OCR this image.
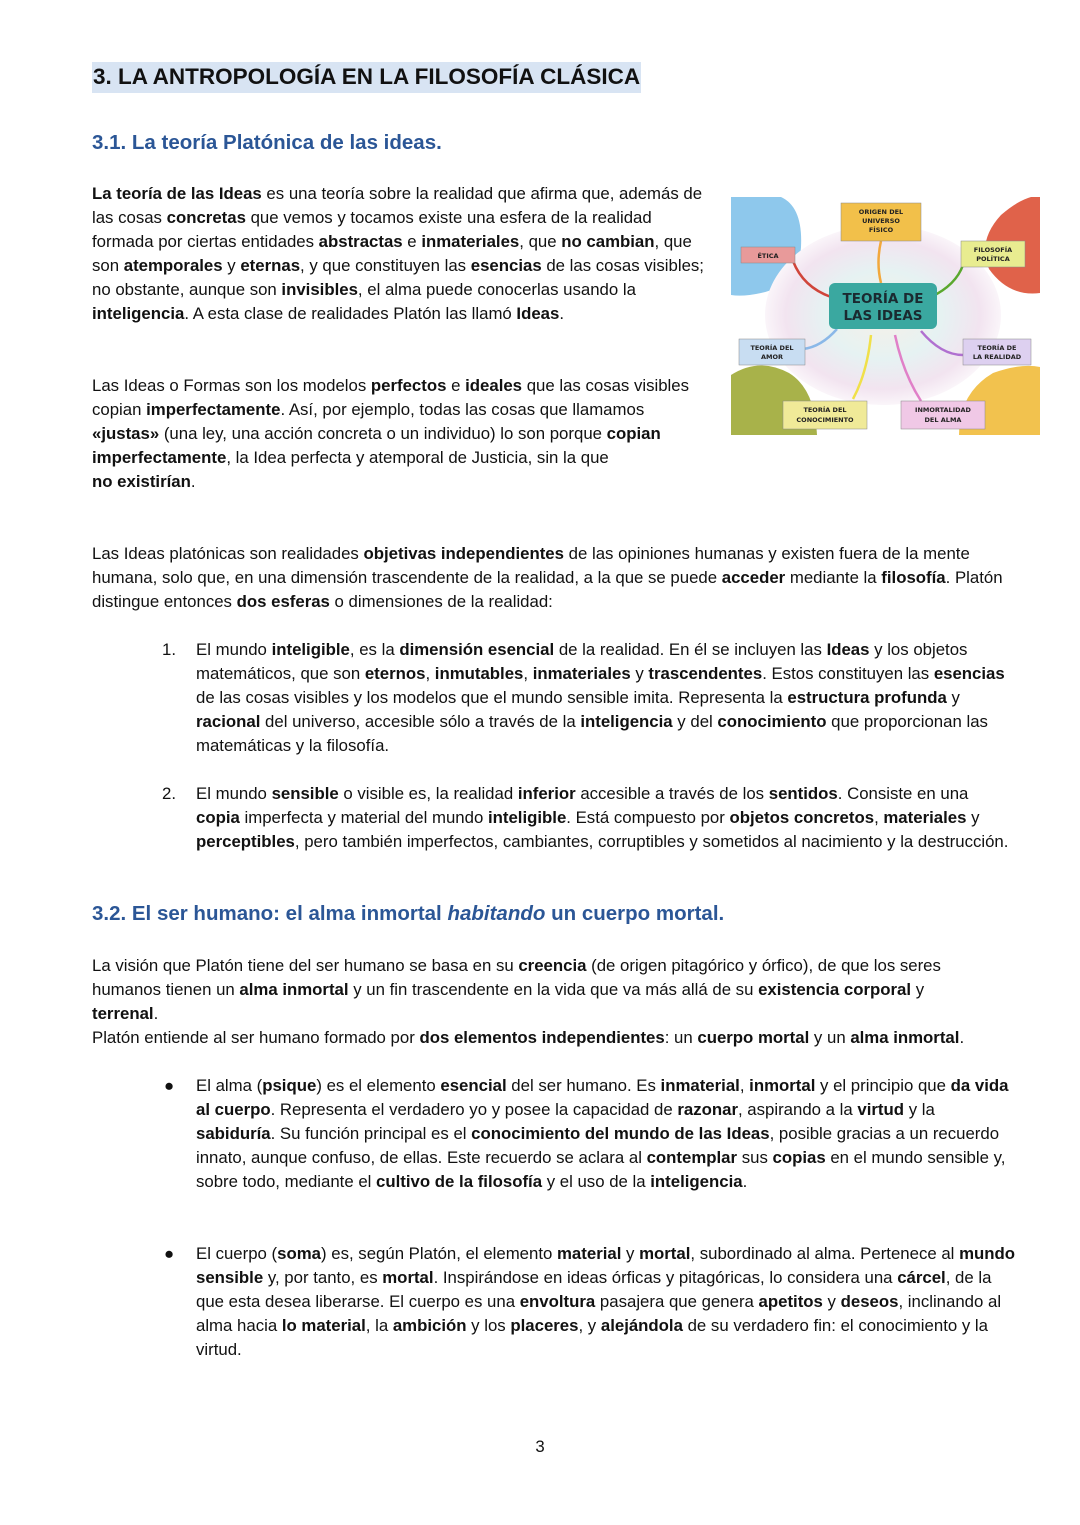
3. LA ANTROPOLOGÍA EN LA FILOSOFÍA CLÁSICA
3.1. La teoría Platónica de las ideas.

La teoría de las Ideas es una teoría sobre la realidad que afirma que, además de las cosas concretas que vemos y tocamos existe una esfera de la realidad formada por ciertas entidades abstractas e inmateriales, que no cambian, que son atemporales y eternas, y que constituyen las esencias de las cosas visibles; no obstante, aunque son invisibles, el alma puede conocerlas usando la inteligencia. A esta clase de realidades Platón las llamó Ideas.

Las Ideas o Formas son los modelos perfectos e ideales que las cosas visibles copian imperfectamente. Así, por ejemplo, todas las cosas que llamamos «justas» (una ley, una acción concreta o un individuo) lo son porque copian imperfectamente, la Idea perfecta y atemporal de Justicia, sin la que
no existirían.

Las Ideas platónicas son realidades objetivas independientes de las opiniones humanas y existen fuera de la mente humana, solo que, en una dimensión trascendente de la realidad, a la que se puede acceder mediante la filosofía. Platón distingue entonces dos esferas o dimensiones de la realidad:

1. El mundo inteligible, es la dimensión esencial de la realidad. En él se incluyen las Ideas y los objetos matemáticos, que son eternos, inmutables, inmateriales y trascendentes. Estos constituyen las esencias de las cosas visibles y los modelos que el mundo sensible imita. Representa la estructura profunda y racional del universo, accesible sólo a través de la inteligencia y del conocimiento que proporcionan las matemáticas y la filosofía.
2. El mundo sensible o visible es, la realidad inferior accesible a través de los sentidos. Consiste en una copia imperfecta y material del mundo inteligible. Está compuesto por objetos concretos, materiales y perceptibles, pero también imperfectos, cambiantes, corruptibles y sometidos al nacimiento y la destrucción.
3.2. El ser humano: el alma inmortal habitando un cuerpo mortal.

La visión que Platón tiene del ser humano se basa en su creencia (de origen pitagórico y órfico), de que los seres humanos tienen un alma inmortal y un fin trascendente en la vida que va más allá de su existencia corporal y terrenal.
Platón entiende al ser humano formado por dos elementos independientes: un cuerpo mortal y un alma inmortal.

● El alma (psique) es el elemento esencial del ser humano. Es inmaterial, inmortal y el principio que da vida al cuerpo. Representa el verdadero yo y posee la capacidad de razonar, aspirando a la virtud y la sabiduría. Su función principal es el conocimiento del mundo de las Ideas, posible gracias a un recuerdo innato, aunque confuso, de ellas. Este recuerdo se aclara al contemplar sus copias en el mundo sensible y, sobre todo, mediante el cultivo de la filosofía y el uso de la inteligencia.
● El cuerpo (soma) es, según Platón, el elemento material y mortal, subordinado al alma. Pertenece al mundo sensible y, por tanto, es mortal. Inspirándose en ideas órficas y pitagóricas, lo considera una cárcel, de la que esta desea liberarse. El cuerpo es una envoltura pasajera que genera apetitos y deseos, inclinando al alma hacia lo material, la ambición y los placeres, y alejándola de su verdadero fin: el conocimiento y la virtud.
TEORÍA DE
LAS IDEAS
ORIGEN DEL
UNIVERSO
FÍSICO
ÉTICA
FILOSOFÍA
POLÍTICA
TEORÍA DEL
AMOR
TEORÍA DE
LA REALIDAD
TEORÍA DEL
CONOCIMIENTO
INMORTALIDAD
DEL ALMA
3
